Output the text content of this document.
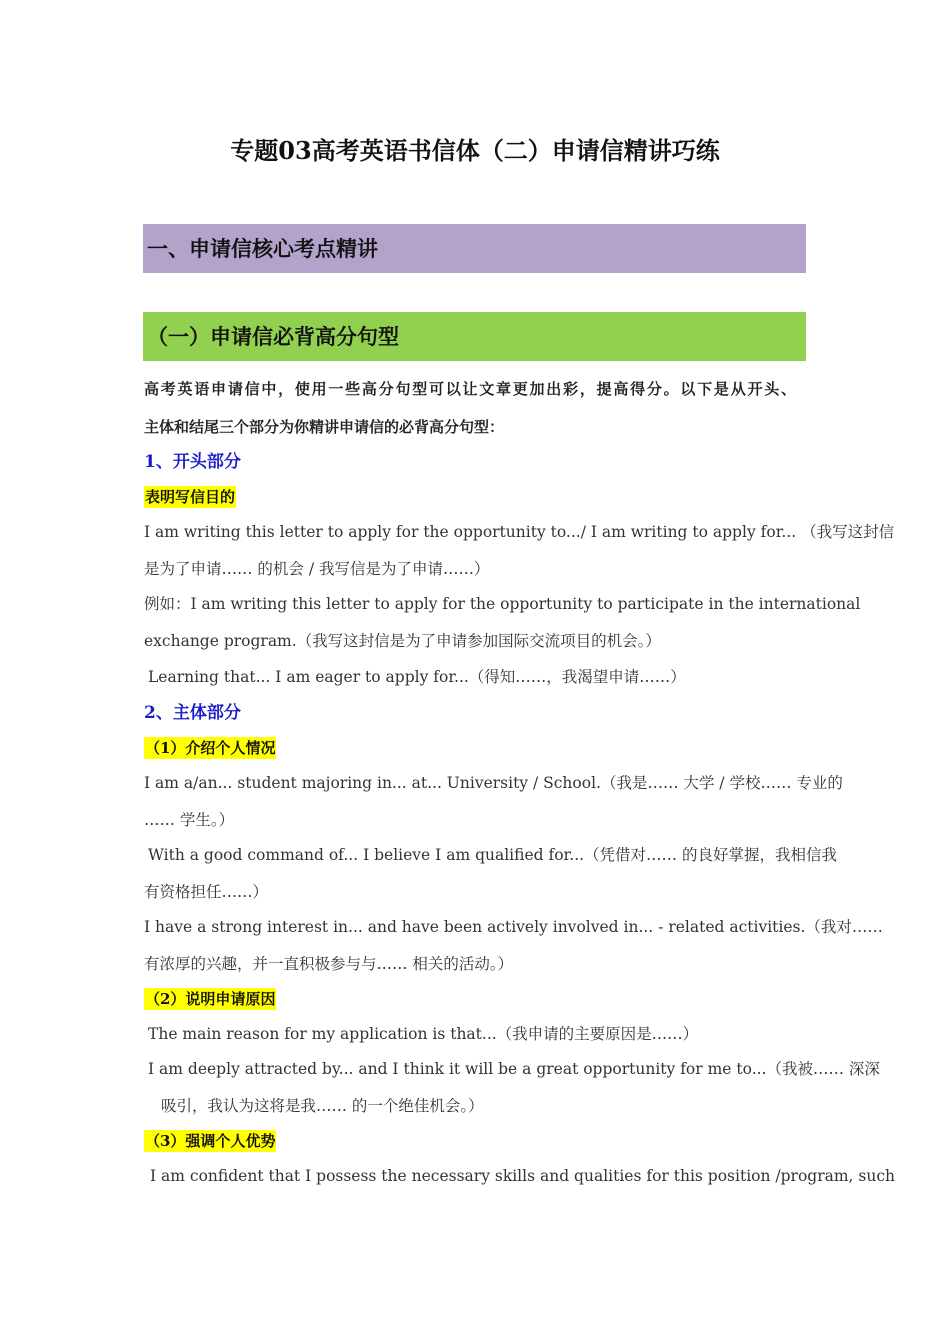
专题03高考英语书信体（二）申请信精讲巧练
一、申请信核心考点精讲
（一）申请信必背高分句型
高考英语申请信中，使用一些高分句型可以让文章更加出彩，提高得分。以下是从开头、
主体和结尾三个部分为你精讲申请信的必背高分句型：
1、开头部分
表明写信目的
I am writing this letter to apply for the opportunity to.../ I am writing to apply for... （我写这封信
是为了申请…… 的机会 / 我写信是为了申请……）
例如：I am writing this letter to apply for the opportunity to participate in the international
exchange program.（我写这封信是为了申请参加国际交流项目的机会。）
Learning that... I am eager to apply for...（得知……，我渴望申请……）
2、主体部分
（1）介绍个人情况
I am a/an... student majoring in... at... University / School.（我是…… 大学 / 学校…… 专业的
…… 学生。）
With a good command of... I believe I am qualified for...（凭借对…… 的良好掌握，我相信我
有资格担任……）
I have a strong interest in... and have been actively involved in... - related activities.（我对……
有浓厚的兴趣，并一直积极参与与…… 相关的活动。）
（2）说明申请原因
The main reason for my application is that...（我申请的主要原因是……）
I am deeply attracted by... and I think it will be a great opportunity for me to...（我被…… 深深
吸引，我认为这将是我…… 的一个绝佳机会。）
（3）强调个人优势
I am confident that I possess the necessary skills and qualities for this position /program, such
